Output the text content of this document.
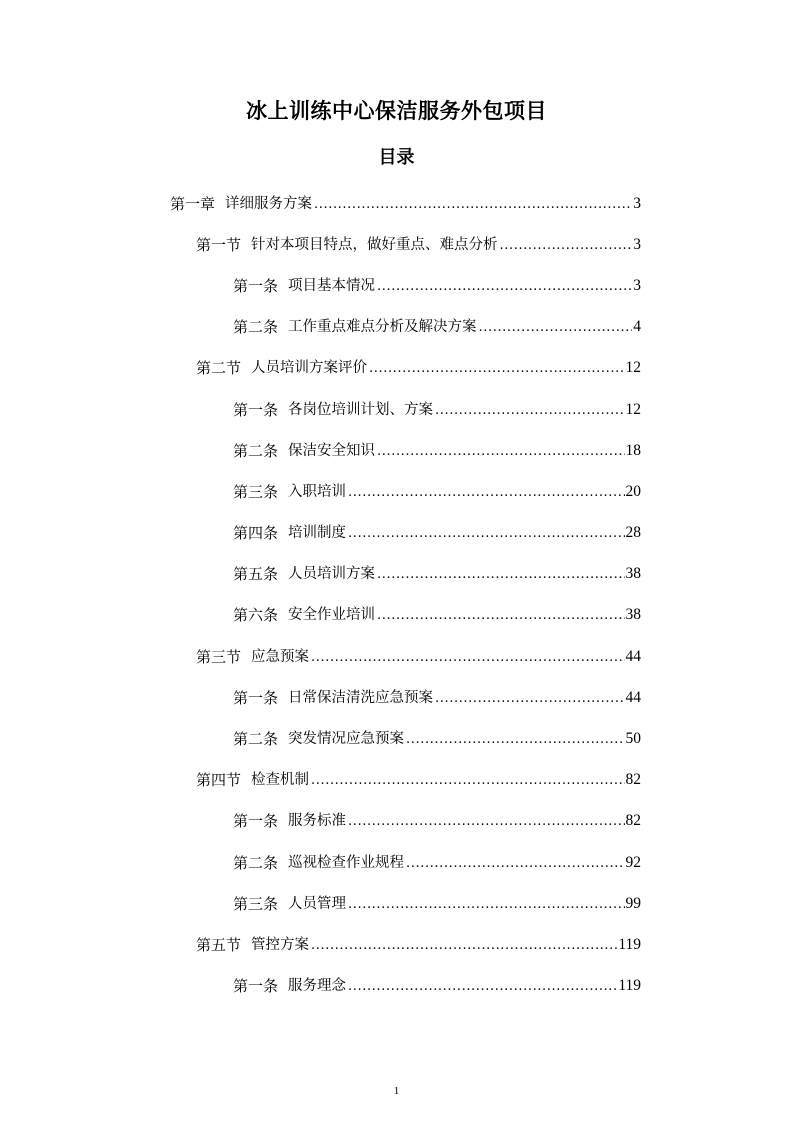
冰上训练中心保洁服务外包项目
目录
第一章 详细服务方案 .....	3
第一节 针对本项目特点，做好重点、难点分析 .....	3
第一条 项目基本情况 .....	3
第二条 工作重点难点分析及解决方案 .....	4
第二节 人员培训方案评价 .....	12
第一条 各岗位培训计划、方案 .....	12
第二条 保洁安全知识 .....	18
第三条 入职培训 .....	20
第四条 培训制度 .....	28
第五条 人员培训方案 .....	38
第六条 安全作业培训 .....	38
第三节 应急预案 .....	44
第一条 日常保洁清洗应急预案 .....	44
第二条 突发情况应急预案 .....	50
第四节 检查机制 .....	82
第一条 服务标准 .....	82
第二条 巡视检查作业规程 .....	92
第三条 人员管理 .....	99
第五节 管控方案 .....	119
第一条 服务理念 .....	119
1
